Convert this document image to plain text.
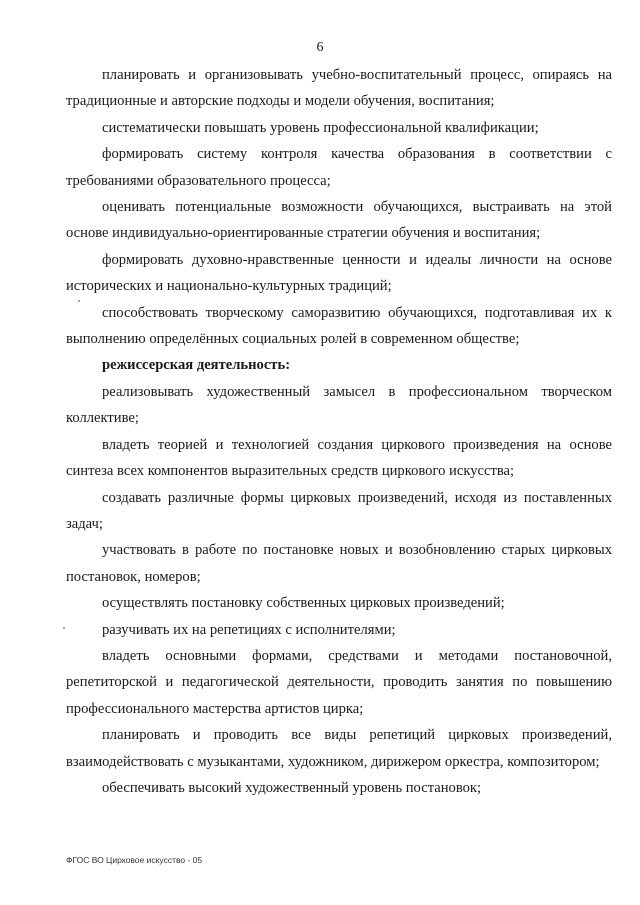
6

планировать и организовывать учебно-воспитательный процесс, опираясь на традиционные и авторские подходы и модели обучения, воспитания;

систематически повышать уровень профессиональной квалификации;

формировать систему контроля качества образования в соответствии с требованиями образовательного процесса;

оценивать потенциальные возможности обучающихся, выстраивать на этой основе индивидуально-ориентированные стратегии обучения и воспитания;

формировать духовно-нравственные ценности и идеалы личности на основе исторических и национально-культурных традиций;

способствовать творческому саморазвитию обучающихся, подготавливая их к выполнению определённых социальных ролей в современном обществе;

режиссерская деятельность:

реализовывать художественный замысел в профессиональном творческом коллективе;

владеть теорией и технологией создания циркового произведения на основе синтеза всех компонентов выразительных средств циркового искусства;

создавать различные формы цирковых произведений, исходя из поставленных задач;

участвовать в работе по постановке новых и возобновлению старых цирковых постановок, номеров;

осуществлять постановку собственных цирковых произведений;

разучивать их на репетициях с исполнителями;

владеть основными формами, средствами и методами постановочной, репетиторской и педагогической деятельности, проводить занятия по повышению профессионального мастерства артистов цирка;

планировать и проводить все виды репетиций цирковых произведений, взаимодействовать с музыкантами, художником, дирижером оркестра, композитором;

обеспечивать высокий художественный уровень постановок;

ФГОС ВО Цирковое искусство - 05
